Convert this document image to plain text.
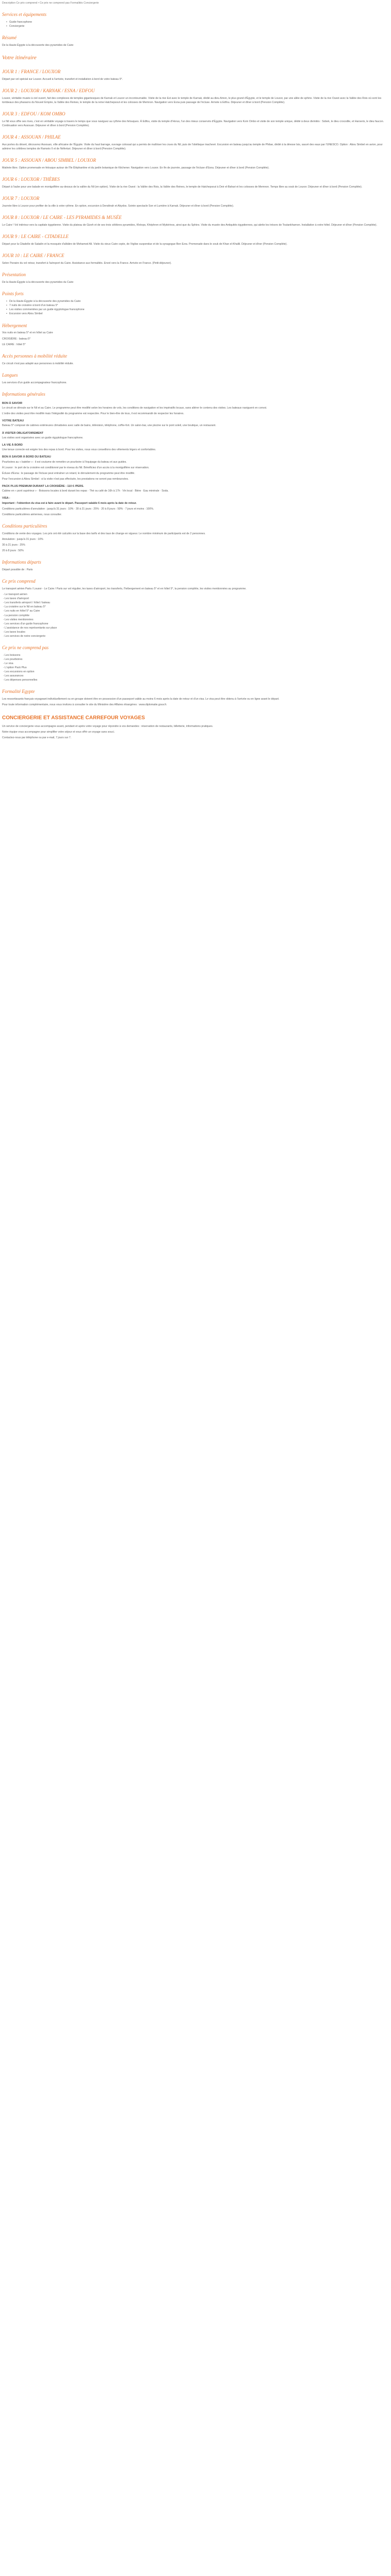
Description Ce prix comprend • Ce prix ne comprend pas Formalités Conciergerie
Services et équipements
• Guide francophone
• Conciergerie
Résumé

De la Haute-Égypte à la découverte des pyramides de Caire

Votre itinéraire
JOUR 1 : FRANCE / LOUXOR

Départ par vol spécial sur Louxor. Accueil à l'arrivée, transfert et installation à bord de votre bateau 5*.

JOUR 2 : LOUXOR / KARNAK / ESNA / EDFOU

Louxor, véritable musée à ciel ouvert, fait des complexes de temples gigantesques de Karnak et Louxor un incontournable. Visite de la rive Est avec le temple de Karnak, dédié au dieu Amon, le plus grand d'Égypte, et le temple de Louxor, par une allée de sphinx. Visite de la rive Ouest avec la Vallée des Rois où sont les tombeaux des pharaons du Nouvel Empire, la Vallée des Reines, le temple de la reine Hatchepsout et les colosses de Memnon. Navigation vers Esna puis passage de l'écluse. Arrivée à Edfou. Déjeuner et dîner à bord (Pension Complète).

JOUR 3 : EDFOU / KOM OMBO

Le Nil vous offre ses rives, c'est en véritable voyage à travers le temps que vous naviguez au rythme des felouques. À Edfou, visite du temple d'Horus, l'un des mieux conservés d'Égypte. Navigation vers Kom Ombo et visite de son temple unique, dédié à deux divinités : Sobek, le dieu crocodile, et Haroeris, le dieu faucon. Continuation vers Assouan. Déjeuner et dîner à bord (Pension Complète).

JOUR 4 : ASSOUAN / PHILAE

Aux portes du désert, découvrez Assouan, ville africaine de l'Égypte. Visite du haut barrage, ouvrage colossal qui a permis de maîtriser les crues du Nil, puis de l'obélisque inachevé. Excursion en bateau jusqu'au temple de Philae, dédié à la déesse Isis, sauvé des eaux par l'UNESCO. Option : Abou Simbel en avion, pour admirer les célèbres temples de Ramsès II et de Néfertari. Déjeuner et dîner à bord (Pension Complète).

JOUR 5 : ASSOUAN / ABOU SIMBEL / LOUXOR

Matinée libre. Option promenade en felouque autour de l'île Éléphantine et du jardin botanique de Kitchener. Navigation vers Louxor. En fin de journée, passage de l'écluse d'Esna. Déjeuner et dîner à bord (Pension Complète).

JOUR 6 : LOUXOR / THÈBES

Départ à l'aube pour une balade en montgolfière au-dessus de la vallée du Nil (en option). Visite de la rive Ouest : la Vallée des Rois, la Vallée des Reines, le temple de Hatchepsout à Deir el-Bahari et les colosses de Memnon. Temps libre au souk de Louxor. Déjeuner et dîner à bord (Pension Complète).

JOUR 7 : LOUXOR

Journée libre à Louxor pour profiter de la ville à votre rythme. En option, excursion à Dendérah et Abydos. Soirée spectacle Son et Lumière à Karnak. Déjeuner et dîner à bord (Pension Complète).

JOUR 8 : LOUXOR / LE CAIRE - LES PYRAMIDES & MUSÉE

Le Caire ! Vol intérieur vers la capitale égyptienne. Visite du plateau de Gizeh et de ses trois célèbres pyramides, Khéops, Khéphren et Mykérinos, ainsi que du Sphinx. Visite du musée des Antiquités égyptiennes, qui abrite les trésors de Toutankhamon. Installation à votre hôtel. Déjeuner et dîner (Pension Complète).

JOUR 9 : LE CAIRE - CITADELLE

Départ pour la Citadelle de Saladin et la mosquée d'albâtre de Mohamed Ali. Visite du vieux Caire copte, de l'église suspendue et de la synagogue Ben Ezra. Promenade dans le souk de Khan el-Khalili. Déjeuner et dîner (Pension Complète).

JOUR 10 : LE CAIRE / FRANCE

Selon l'horaire du vol retour, transfert à l'aéroport du Caire. Assistance aux formalités. Envol vers la France. Arrivée en France. (Petit-déjeuner).

Présentation

De la Haute-Égypte à la découverte des pyramides du Caire

Points forts
• De la Haute-Égypte à la découverte des pyramides du Caire
• 7 nuits de croisière à bord d'un bateau 5*
• Les visites commentées par un guide égyptologue francophone
• Excursion vers Abou Simbel
Hébergement

Vos nuits en bateau 5* et en hôtel au Caire

CROISIÈRE : bateau 5*

LE CAIRE : hôtel 5*

Accès personnes à mobilité réduite

Ce circuit n'est pas adapté aux personnes à mobilité réduite.

Langues

Les services d'un guide accompagnateur francophone.

Informations générales
BON À SAVOIR

Le circuit se déroule sur le Nil et au Caire. Le programme peut être modifié selon les horaires de vols, les conditions de navigation et les impératifs locaux, sans altérer le contenu des visites. Les bateaux naviguent en convoi.

L'ordre des visites peut être modifié mais l'intégralité du programme est respectée. Pour le bien-être de tous, il est recommandé de respecter les horaires.

VOTRE BATEAU

Bateau 5* composé de cabines extérieures climatisées avec salle de bains, télévision, téléphone, coffre-fort. Un salon-bar, une piscine sur le pont soleil, une boutique, un restaurant.

À VISITER OBLIGATOIREMENT

Les visites sont organisées avec un guide égyptologue francophone.

LA VIE À BORD

Une tenue correcte est exigée lors des repas à bord. Pour les visites, nous vous conseillons des vêtements légers et confortables.

BON À SAVOIR À BORD DU BATEAU

Pourboires au « batelier » : il est coutume de remettre un pourboire à l'équipage du bateau et aux guides.

À Louxor : le port de la croisière est conditionné par le niveau du Nil. Bénéficiez d'un accès à la montgolfière sur réservation.

Écluse d'Esna : le passage de l'écluse peut entraîner un retard, le déroulement du programme peut être modifié.

Pour l'excursion à Abou Simbel : si la visite n'est pas effectuée, les prestations ne seront pas remboursées.

PACK PLUS PREMIUM DURANT LA CROISIÈRE : 110 € /PERS.

Cabine en « pont supérieur » · Boissons locales à bord durant les repas · Thé ou café de 16h à 17h · Vin local · Bière · Eau minérale · Soda.

VISA :

Important : l'obtention du visa est à faire avant le départ. Passeport valable 6 mois après la date de retour.

Conditions particulières d'annulation : jusqu'à 31 jours : 10% · 30 à 21 jours : 25% · 20 à 8 jours : 50% · 7 jours et moins : 100%.

Conditions particulières aériennes, nous consulter.

Conditions particulières

Conditions de vente des voyages. Les prix ont été calculés sur la base des tarifs et des taux de change en vigueur. Le nombre minimum de participants est de 2 personnes.

Annulation : jusqu'à 31 jours : 10%

30 à 21 jours : 25%

20 à 8 jours : 50%

Informations départs

Départ possible de : Paris

Ce prix comprend

Le transport aérien Paris / Louxor - Le Caire / Paris sur vol régulier, les taxes d'aéroport, les transferts, l'hébergement en bateau 5* et en hôtel 5*, la pension complète, les visites mentionnées au programme.

- Le transport aérien
- Les taxes d'aéroport
- Les transferts aéroport / hôtel / bateau
- La croisière sur le Nil en bateau 5*
- Les nuits en hôtel 5* au Caire
- La pension complète
- Les visites mentionnées
- Les services d'un guide francophone
- L'assistance de nos représentants sur place
- Les taxes locales
- Les services de notre conciergerie
Ce prix ne comprend pas
- Les boissons
- Les pourboires
- Le visa
- L'option Pack Plus
- Les excursions en option
- Les assurances
- Les dépenses personnelles
Formalité Egypte

Les ressortissants français voyageant individuellement ou en groupe doivent être en possession d'un passeport valide au moins 6 mois après la date de retour et d'un visa. Le visa peut être obtenu à l'arrivée ou en ligne avant le départ.

Pour toute information complémentaire, nous vous invitons à consulter le site du Ministère des Affaires étrangères : www.diplomatie.gouv.fr.

CONCIERGERIE ET ASSISTANCE CARREFOUR VOYAGES

Un service de conciergerie vous accompagne avant, pendant et après votre voyage pour répondre à vos demandes : réservation de restaurants, billetterie, informations pratiques.

Notre équipe vous accompagne pour simplifier votre séjour et vous offrir un voyage sans souci.

Contactez-nous par téléphone ou par e-mail, 7 jours sur 7.
